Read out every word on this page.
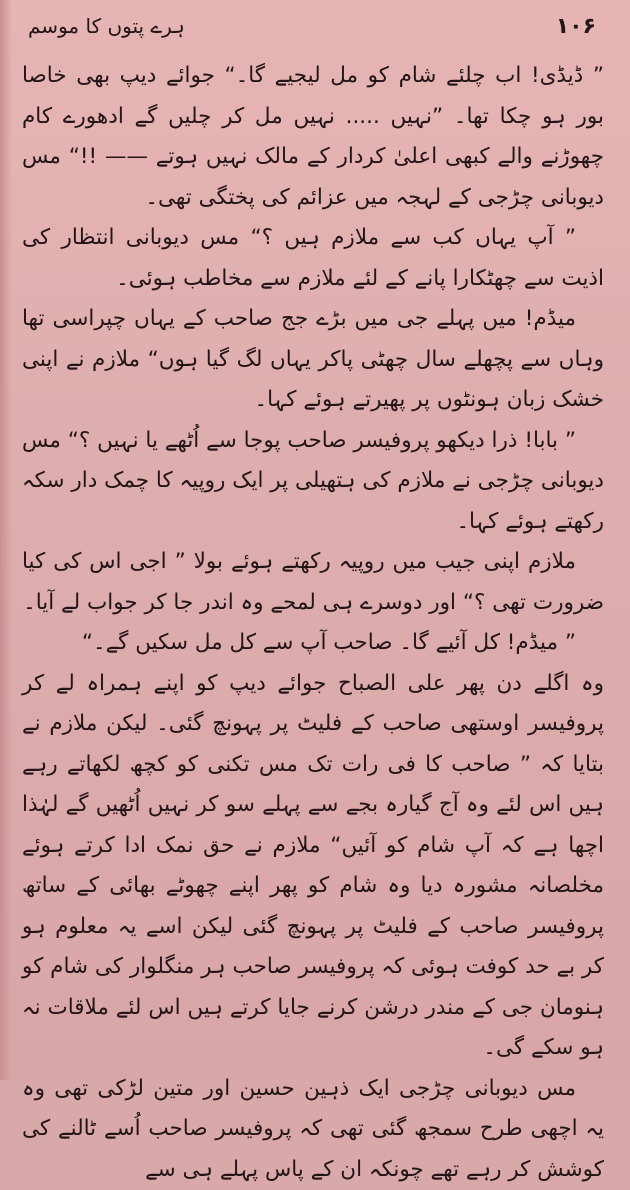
ہرے پتوں کا موسم	۱۰۶

” ڈیڈی! اب چلئے شام کو مل لیجیے گا۔“ جوائے دیپ بھی خاصا بور ہو چکا تھا۔ ”نہیں ..... نہیں مل کر چلیں گے ادھورے کام چھوڑنے والے کبھی اعلیٰ کردار کے مالک نہیں ہوتے —— !!“ مس دیوبانی چڑجی کے لہجہ میں عزائم کی پختگی تھی۔

” آپ یہاں کب سے ملازم ہیں ؟“ مس دیوبانی انتظار کی اذیت سے چھٹکارا پانے کے لئے ملازم سے مخاطب ہوئی۔

میڈم! میں پہلے جی میں بڑے جج صاحب کے یہاں چپراسی تھا وہاں سے پچھلے سال چھٹی پاکر یہاں لگ گیا ہوں“ ملازم نے اپنی خشک زبان ہونٹوں پر پھیرتے ہوئے کہا۔

” بابا! ذرا دیکھو پروفیسر صاحب پوجا سے اُٹھے یا نہیں ؟“ مس دیوبانی چڑجی نے ملازم کی ہتھیلی پر ایک روپیہ کا چمک دار سکہ رکھتے ہوئے کہا۔

ملازم اپنی جیب میں روپیہ رکھتے ہوئے بولا ” اجی اس کی کیا ضرورت تھی ؟“ اور دوسرے ہی لمحے وہ اندر جا کر جواب لے آیا۔

” میڈم! کل آئیے گا۔ صاحب آپ سے کل مل سکیں گے۔“

وہ اگلے دن پھر علی الصباح جوائے دیپ کو اپنے ہمراہ لے کر پروفیسر اوستھی صاحب کے فلیٹ پر پہونچ گئی۔ لیکن ملازم نے بتایا کہ ” صاحب کا فی رات تک مس تکنی کو کچھ لکھاتے رہے ہیں اس لئے وہ آج گیارہ بجے سے پہلے سو کر نہیں اُٹھیں گے لہٰذا اچھا ہے کہ آپ شام کو آئیں“ ملازم نے حق نمک ادا کرتے ہوئے مخلصانہ مشورہ دیا وہ شام کو پھر اپنے چھوٹے بھائی کے ساتھ پروفیسر صاحب کے فلیٹ پر پہونچ گئی لیکن اسے یہ معلوم ہو کر بے حد کوفت ہوئی کہ پروفیسر صاحب ہر منگلوار کی شام کو ہنومان جی کے مندر درشن کرنے جایا کرتے ہیں اس لئے ملاقات نہ ہو سکے گی۔

مس دیوبانی چڑجی ایک ذہین حسین اور متین لڑکی تھی وہ یہ اچھی طرح سمجھ گئی تھی کہ پروفیسر صاحب اُسے ٹالنے کی کوشش کر رہے تھے چونکہ ان کے پاس پہلے ہی سے
